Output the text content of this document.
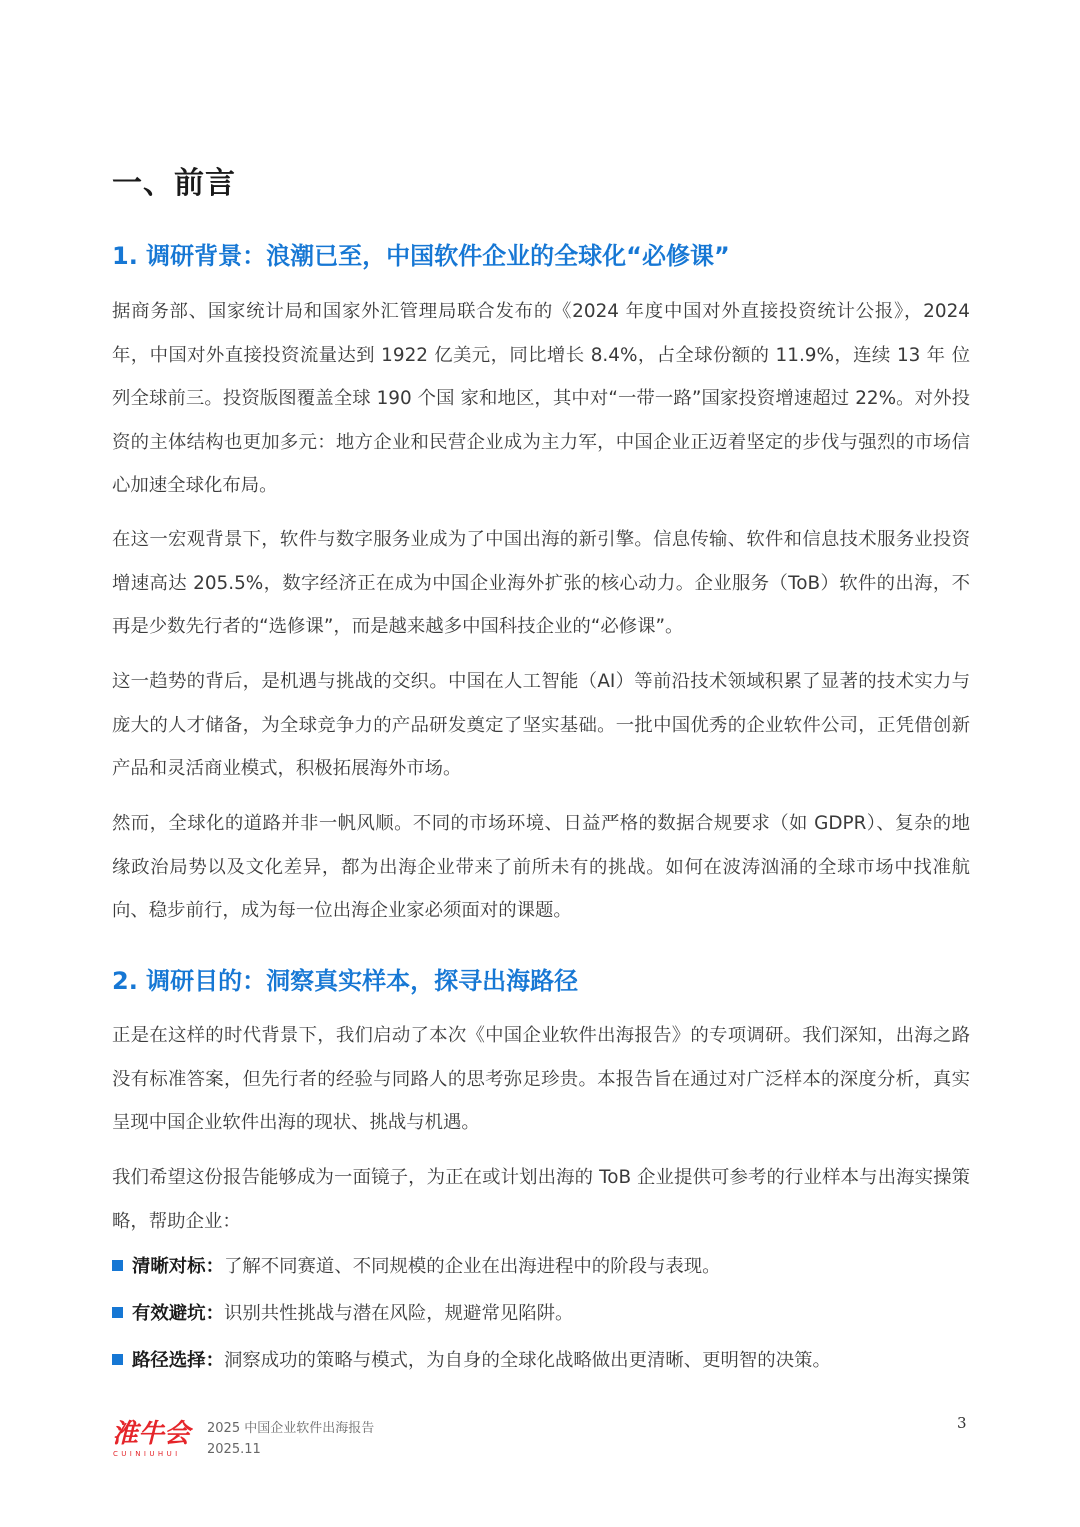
一、前言
1. 调研背景：浪潮已至，中国软件企业的全球化“必修课”

据商务部、国家统计局和国家外汇管理局联合发布的《2024 年度中国对外直接投资统计公报》，2024 年，中国对外直接投资流量达到 1922 亿美元，同比增长 8.4%，占全球份额的 11.9%，连续 13 年 位列全球前三。投资版图覆盖全球 190 个国 家和地区，其中对“一带一路”国家投资增速超过 22%。对外投资的主体结构也更加多元：地方企业和民营企业成为主力军，中国企业正迈着坚定的步伐与强烈的市场信心加速全球化布局。

在这一宏观背景下，软件与数字服务业成为了中国出海的新引擎。信息传输、软件和信息技术服务业投资增速高达 205.5%，数字经济正在成为中国企业海外扩张的核心动力。企业服务（ToB）软件的出海，不再是少数先行者的“选修课”，而是越来越多中国科技企业的“必修课”。

这一趋势的背后，是机遇与挑战的交织。中国在人工智能（AI）等前沿技术领域积累了显著的技术实力与庞大的人才储备，为全球竞争力的产品研发奠定了坚实基础。一批中国优秀的企业软件公司，正凭借创新产品和灵活商业模式，积极拓展海外市场。

然而，全球化的道路并非一帆风顺。不同的市场环境、日益严格的数据合规要求（如 GDPR）、复杂的地缘政治局势以及文化差异，都为出海企业带来了前所未有的挑战。如何在波涛汹涌的全球市场中找准航向、稳步前行，成为每一位出海企业家必须面对的课题。

2. 调研目的：洞察真实样本，探寻出海路径

正是在这样的时代背景下，我们启动了本次《中国企业软件出海报告》的专项调研。我们深知，出海之路没有标准答案，但先行者的经验与同路人的思考弥足珍贵。本报告旨在通过对广泛样本的深度分析，真实呈现中国企业软件出海的现状、挑战与机遇。

我们希望这份报告能够成为一面镜子，为正在或计划出海的 ToB 企业提供可参考的行业样本与出海实操策略，帮助企业：

清晰对标：了解不同赛道、不同规模的企业在出海进程中的阶段与表现。
有效避坑：识别共性挑战与潜在风险，规避常见陷阱。
路径选择：洞察成功的策略与模式，为自身的全球化战略做出更清晰、更明智的决策。
淮牛会
CUINIUHUI
2025 中国企业软件出海报告
2025.11
3
